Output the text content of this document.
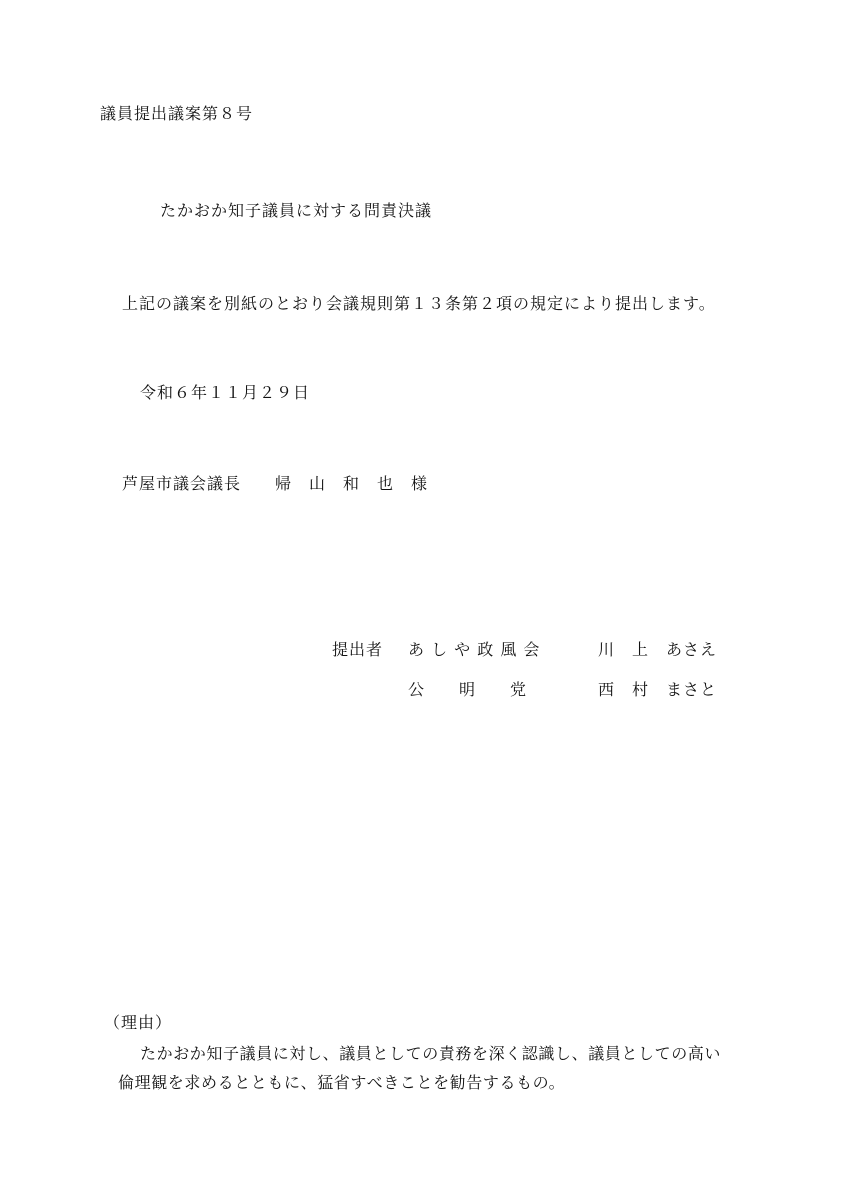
議員提出議案第８号
たかおか知子議員に対する問責決議
上記の議案を別紙のとおり会議規則第１３条第２項の規定により提出します。
令和６年１１月２９日
芦屋市議会議長 帰　山　和　也　様
提出者 あ し や 政 風 会	川　上　あさえ
公　　明　　党	西　村　まさと
（理由）
たかおか知子議員に対し、議員としての責務を深く認識し、議員としての高い
倫理観を求めるとともに、猛省すべきことを勧告するもの。
